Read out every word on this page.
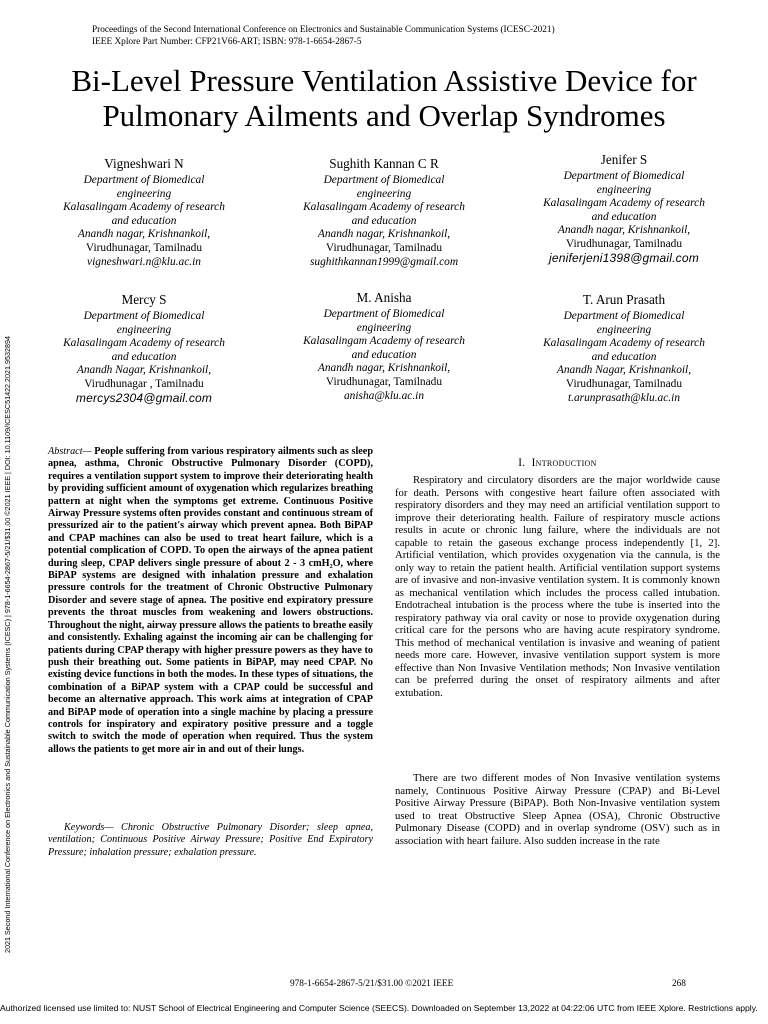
Proceedings of the Second International Conference on Electronics and Sustainable Communication Systems (ICESC-2021)
IEEE Xplore Part Number: CFP21V66-ART; ISBN: 978-1-6654-2867-5
Bi-Level Pressure Ventilation Assistive Device for
Pulmonary Ailments and Overlap Syndromes
Vigneshwari N
Department of Biomedical
engineering
Kalasalingam Academy of research
and education
Anandh nagar, Krishnankoil,
Virudhunagar, Tamilnadu
vigneshwari.n@klu.ac.in
Sughith Kannan C R
Department of Biomedical
engineering
Kalasalingam Academy of research
and education
Anandh nagar, Krishnankoil,
Virudhunagar, Tamilnadu
sughithkannan1999@gmail.com
Jenifer S
Department of Biomedical
engineering
Kalasalingam Academy of research
and education
Anandh nagar, Krishnankoil,
Virudhunagar, Tamilnadu
jeniferjeni1398@gmail.com
Mercy S
Department of Biomedical
engineering
Kalasalingam Academy of research
and education
Anandh Nagar, Krishnankoil,
Virudhunagar , Tamilnadu
mercys2304@gmail.com
M. Anisha
Department of Biomedical
engineering
Kalasalingam Academy of research
and education
Anandh nagar, Krishnankoil,
Virudhunagar, Tamilnadu
anisha@klu.ac.in
T. Arun Prasath
Department of Biomedical
engineering
Kalasalingam Academy of research
and education
Anandh Nagar, Krishnankoil,
Virudhunagar, Tamilnadu
t.arunprasath@klu.ac.in
2021 Second International Conference on Electronics and Sustainable Communication Systems (ICESC) | 978-1-6654-2867-5/21/$31.00 ©2021 IEEE | DOI: 10.1109/ICESC51422.2021.9532894	Abstract— People suffering from various respiratory ailments such as sleep apnea, asthma, Chronic Obstructive Pulmonary Disorder (COPD), requires a ventilation support system to improve their deteriorating health by providing sufficient amount of oxygenation which regularizes breathing pattern at night when the symptoms get extreme. Continuous Positive Airway Pressure systems often provides constant and continuous stream of pressurized air to the patient's airway which prevent apnea. Both BiPAP and CPAP machines can also be used to treat heart failure, which is a potential complication of COPD. To open the airways of the apnea patient during sleep, CPAP delivers single pressure of about 2 - 3 cmH₂O, where BiPAP systems are designed with inhalation pressure and exhalation pressure controls for the treatment of Chronic Obstructive Pulmonary Disorder and severe stage of apnea. The positive end expiratory pressure prevents the throat muscles from weakening and lowers obstructions. Throughout the night, airway pressure allows the patients to breathe easily and consistently. Exhaling against the incoming air can be challenging for patients during CPAP therapy with higher pressure powers as they have to push their breathing out. Some patients in BiPAP, may need CPAP. No existing device functions in both the modes. In these types of situations, the combination of a BiPAP system with a CPAP could be successful and become an alternative approach. This work aims at integration of CPAP and BiPAP mode of operation into a single machine by placing a pressure controls for inspiratory and expiratory positive pressure and a toggle switch to switch the mode of operation when required. Thus the system allows the patients to get more air in and out of their lungs.
Keywords— Chronic Obstructive Pulmonary Disorder; sleep apnea, ventilation; Continuous Positive Airway Pressure; Positive End Expiratory Pressure; inhalation pressure; exhalation pressure.
I. Introduction
Respiratory and circulatory disorders are the major worldwide cause for death. Persons with congestive heart failure often associated with respiratory disorders and they may need an artificial ventilation support to improve their deteriorating health. Failure of respiratory muscle actions results in acute or chronic lung failure, where the individuals are not capable to retain the gaseous exchange process independently [1, 2]. Artificial ventilation, which provides oxygenation via the cannula, is the only way to retain the patient health. Artificial ventilation support systems are of invasive and non-invasive ventilation system. It is commonly known as mechanical ventilation which includes the process called intubation. Endotracheal intubation is the process where the tube is inserted into the respiratory pathway via oral cavity or nose to provide oxygenation during critical care for the persons who are having acute respiratory syndrome. This method of mechanical ventilation is invasive and weaning of patient needs more care. However, invasive ventilation support system is more effective than Non Invasive Ventilation methods; Non Invasive ventilation can be preferred during the onset of respiratory ailments and after extubation.
There are two different modes of Non Invasive ventilation systems namely, Continuous Positive Airway Pressure (CPAP) and Bi-Level Positive Airway Pressure (BiPAP). Both Non-Invasive ventilation system used to treat Obstructive Sleep Apnea (OSA), Chronic Obstructive Pulmonary Disease (COPD) and in overlap syndrome (OSV) such as in association with heart failure. Also sudden increase in the rate
978-1-6654-2867-5/21/$31.00 ©2021 IEEE	268
Authorized licensed use limited to: NUST School of Electrical Engineering and Computer Science (SEECS). Downloaded on September 13,2022 at 04:22:06 UTC from IEEE Xplore. Restrictions apply.
